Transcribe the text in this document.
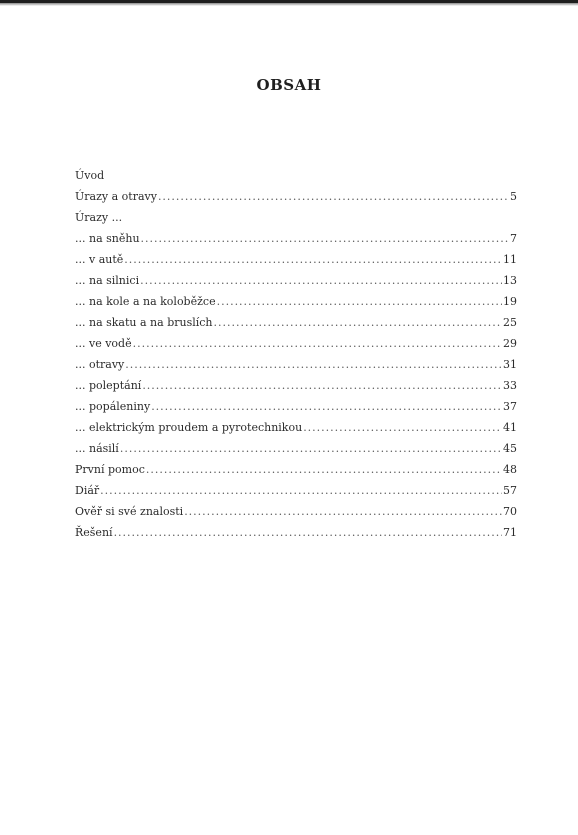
OBSAH
Úvod
Úrazy a otravy .....	5
Úrazy ...
... na sněhu .....	7
... v autě .....	11
... na silnici .....	13
... na kole a na koloběžce .....	19
... na skatu a na bruslích .....	25
... ve vodě .....	29
... otravy .....	31
... poleptání .....	33
... popáleniny .....	37
... elektrickým proudem a pyrotechnikou .....	41
... násilí .....	45
První pomoc .....	48
Diář .....	57
Ověř si své znalosti .....	70
Řešení .....	71
